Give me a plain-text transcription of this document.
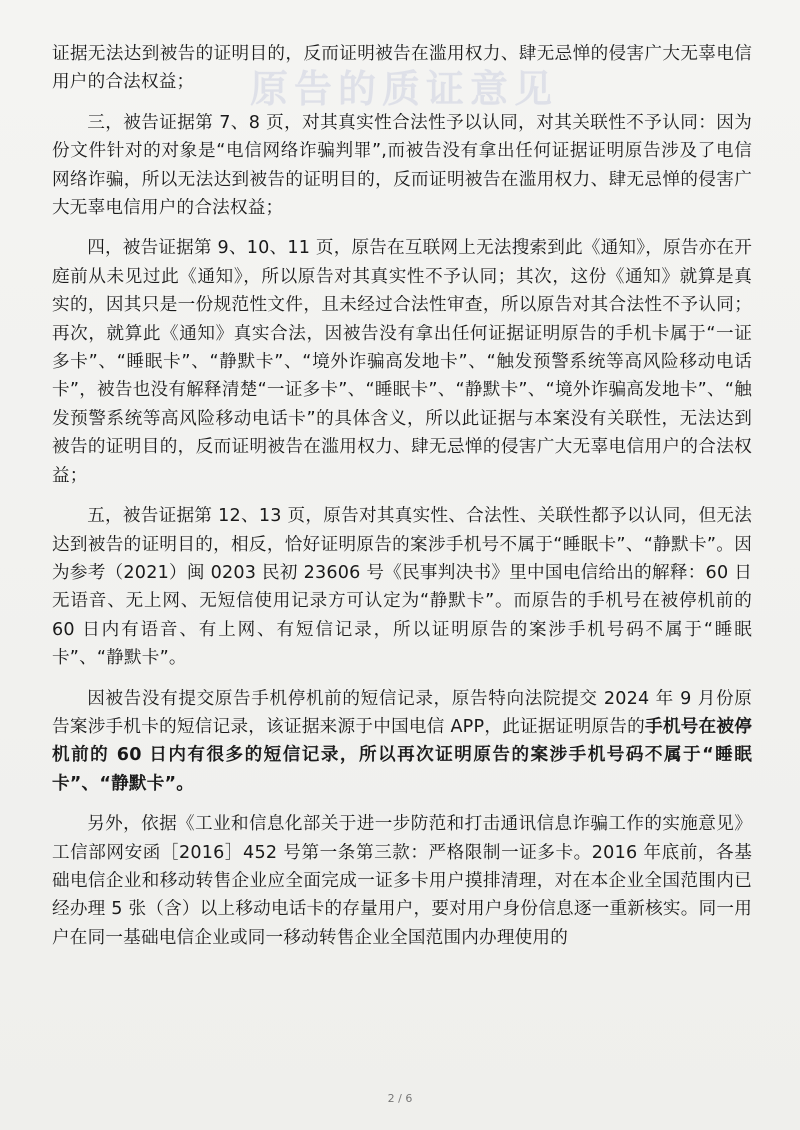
原告的质证意见

证据无法达到被告的证明目的，反而证明被告在滥用权力、肆无忌惮的侵害广大无辜电信用户的合法权益；

三，被告证据第 7、8 页，对其真实性合法性予以认同，对其关联性不予认同：因为份文件针对的对象是“电信网络诈骗判罪”,而被告没有拿出任何证据证明原告涉及了电信网络诈骗，所以无法达到被告的证明目的，反而证明被告在滥用权力、肆无忌惮的侵害广大无辜电信用户的合法权益；

四，被告证据第 9、10、11 页，原告在互联网上无法搜索到此《通知》，原告亦在开庭前从未见过此《通知》，所以原告对其真实性不予认同；其次，这份《通知》就算是真实的，因其只是一份规范性文件，且未经过合法性审查，所以原告对其合法性不予认同；再次，就算此《通知》真实合法，因被告没有拿出任何证据证明原告的手机卡属于“一证多卡”、“睡眠卡”、“静默卡”、“境外诈骗高发地卡”、“触发预警系统等高风险移动电话卡”，被告也没有解释清楚“一证多卡”、“睡眠卡”、“静默卡”、“境外诈骗高发地卡”、“触发预警系统等高风险移动电话卡”的具体含义，所以此证据与本案没有关联性，无法达到被告的证明目的，反而证明被告在滥用权力、肆无忌惮的侵害广大无辜电信用户的合法权益；

五，被告证据第 12、13 页，原告对其真实性、合法性、关联性都予以认同，但无法达到被告的证明目的，相反，恰好证明原告的案涉手机号不属于“睡眠卡”、“静默卡”。因为参考（2021）闽 0203 民初 23606 号《民事判决书》里中国电信给出的解释：60 日无语音、无上网、无短信使用记录方可认定为“静默卡”。而原告的手机号在被停机前的 60 日内有语音、有上网、有短信记录，所以证明原告的案涉手机号码不属于“睡眠卡”、“静默卡”。

因被告没有提交原告手机停机前的短信记录，原告特向法院提交 2024 年 9 月份原告案涉手机卡的短信记录，该证据来源于中国电信 APP，此证据证明原告的手机号在被停机前的 60 日内有很多的短信记录，所以再次证明原告的案涉手机号码不属于“睡眠卡”、“静默卡”。

另外，依据《工业和信息化部关于进一步防范和打击通讯信息诈骗工作的实施意见》工信部网安函［2016］452 号第一条第三款：严格限制一证多卡。2016 年底前，各基础电信企业和移动转售企业应全面完成一证多卡用户摸排清理，对在本企业全国范围内已经办理 5 张（含）以上移动电话卡的存量用户，要对用户身份信息逐一重新核实。同一用户在同一基础电信企业或同一移动转售企业全国范围内办理使用的

2 / 6
